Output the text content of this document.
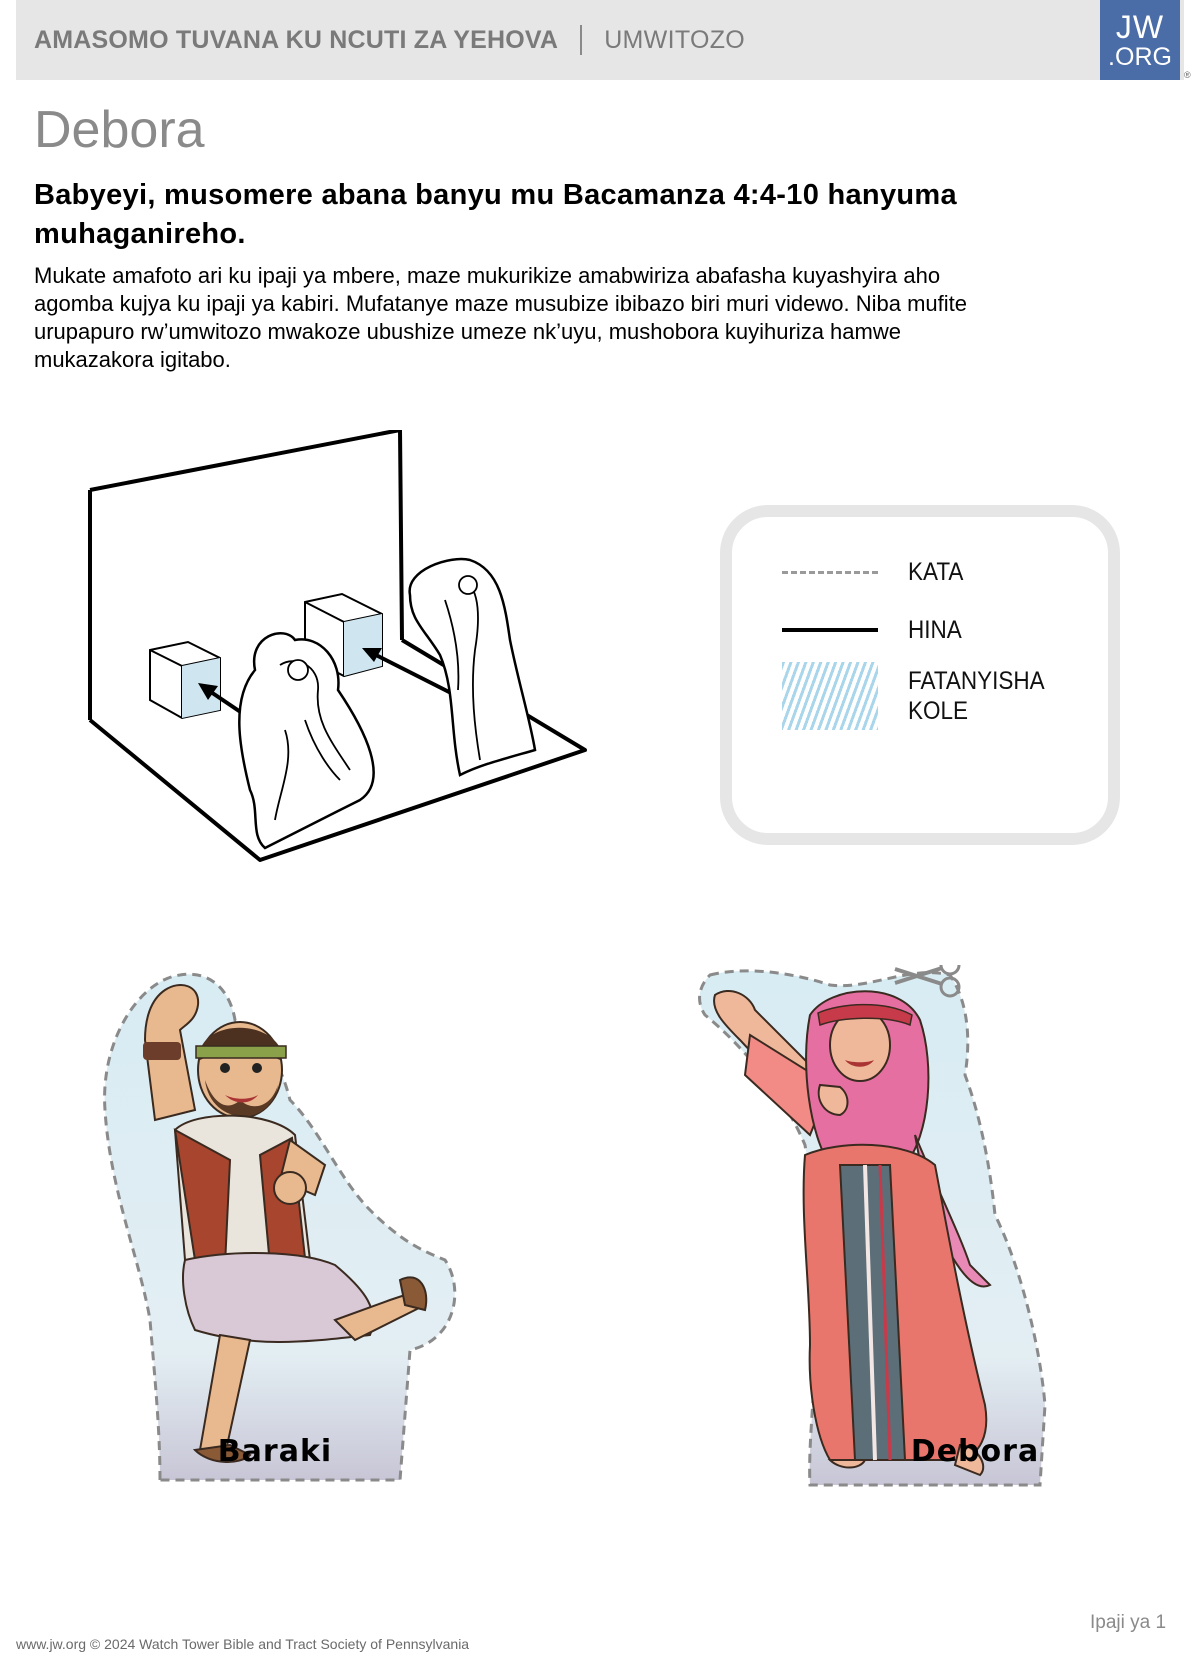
AMASOMO TUVANA KU NCUTI ZA YEHOVA UMWITOZO	JW
.ORG
®
Debora
Babyeyi, musomere abana banyu mu Bacamanza 4:4-10 hanyuma muhaganireho.

Mukate amafoto ari ku ipaji ya mbere, maze mukurikize amabwiriza abafasha kuyashyira aho agomba kujya ku ipaji ya kabiri. Mufatanye maze musubize ibibazo biri muri videwo. Niba mufite urupapuro rw’umwitozo mwakoze ubushize umeze nk’uyu, mushobora kuyihuriza hamwe mukazakora igitabo.

KATA
HINA
FATANYISHA
KOLE
Baraki	Debora
Ipaji ya 1
www.jw.org © 2024 Watch Tower Bible and Tract Society of Pennsylvania
